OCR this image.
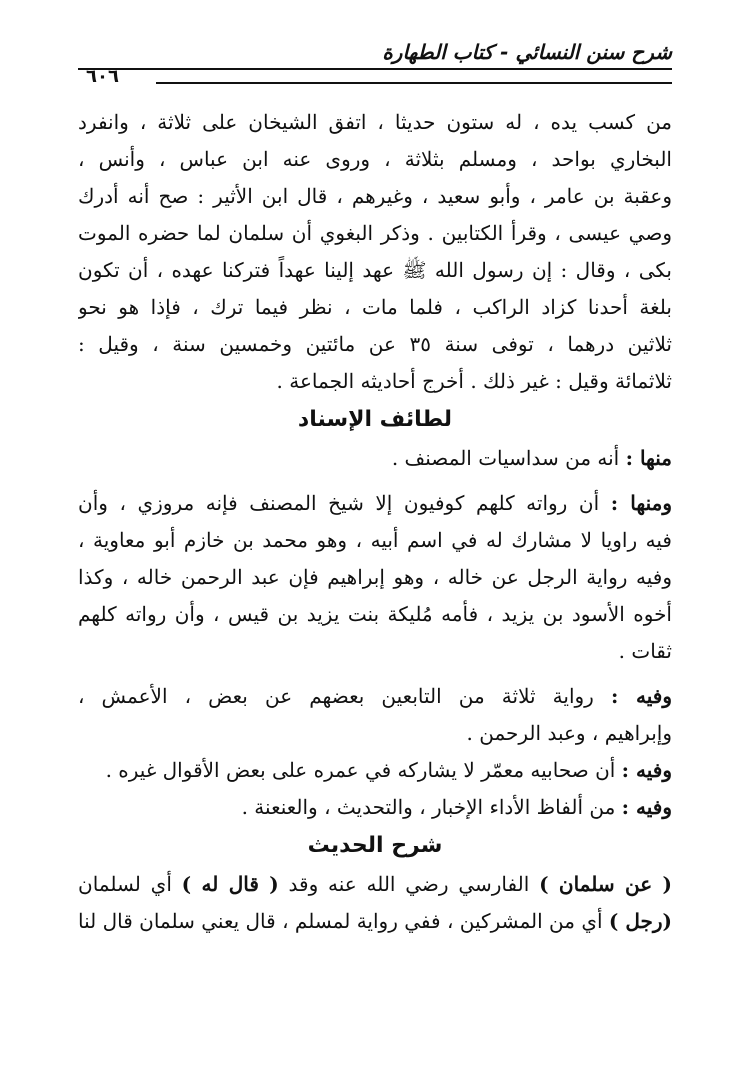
شرح سنن النسائي - كتاب الطهارة
٦٠٦

من كسب يده ، له ستون حديثا ، اتفق الشيخان على ثلاثة ، وانفرد

البخاري بواحد ، ومسلم بثلاثة ، وروى عنه ابن عباس ، وأنس ،

وعقبة بن عامر ، وأبو سعيد ، وغيرهم ، قال ابن الأثير : صح أنه أدرك

وصي عيسى ، وقرأ الكتابين . وذكر البغوي أن سلمان لما حضره الموت

بكى ، وقال : إن رسول الله ﷺ عهد إلينا عهداً فتركنا عهده ، أن تكون

بلغة أحدنا كزاد الراكب ، فلما مات ، نظر فيما ترك ، فإذا هو نحو

ثلاثين درهما ، توفى سنة ٣٥ عن مائتين وخمسين سنة ، وقيل :

ثلاثمائة وقيل : غير ذلك . أخرج أحاديثه الجماعة .

لطائف الإسناد

منها : أنه من سداسيات المصنف .

ومنها : أن رواته كلهم كوفيون إلا شيخ المصنف فإنه مروزي ، وأن

فيه راويا لا مشارك له في اسم أبيه ، وهو محمد بن خازم أبو معاوية ،

وفيه رواية الرجل عن خاله ، وهو إبراهيم فإن عبد الرحمن خاله ، وكذا

أخوه الأسود بن يزيد ، فأمه مُليكة بنت يزيد بن قيس ، وأن رواته كلهم

ثقات .

وفيه : رواية ثلاثة من التابعين بعضهم عن بعض ، الأعمش ،

وإبراهيم ، وعبد الرحمن .

وفيه : أن صحابيه معمّر لا يشاركه في عمره على بعض الأقوال غيره .

وفيه : من ألفاظ الأداء الإخبار ، والتحديث ، والعنعنة .

شرح الحديث

( عن سلمان ) الفارسي رضي الله عنه وقد ( قال له ) أي لسلمان

(رجل ) أي من المشركين ، ففي رواية لمسلم ، قال يعني سلمان قال لنا
